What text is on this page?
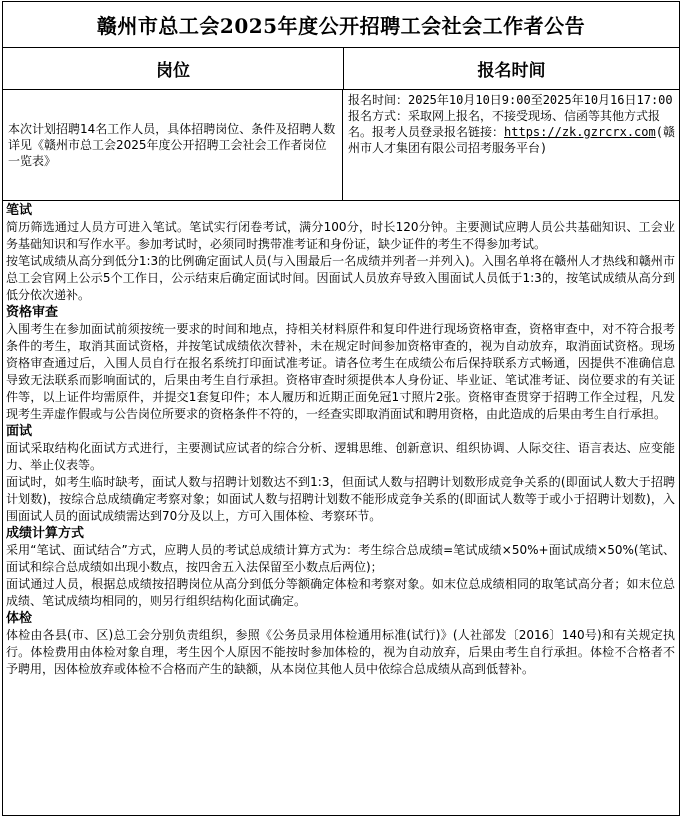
赣州市总工会2025年度公开招聘工会社会工作者公告
岗位	报名时间
本次计划招聘14名工作人员，具体招聘岗位、条件及招聘人数详见《赣州市总工会2025年度公开招聘工会社会工作者岗位一览表》
报名时间：2025年10月10日9:00至2025年10月16日17:00
报名方式：采取网上报名，不接受现场、信函等其他方式报名。报考人员登录报名链接：https://zk.gzrcrx.com(赣州市人才集团有限公司招考服务平台)
笔试

简历筛选通过人员方可进入笔试。笔试实行闭卷考试，满分100分，时长120分钟。主要测试应聘人员公共基础知识、工会业务基础知识和写作水平。参加考试时，必须同时携带准考证和身份证，缺少证件的考生不得参加考试。

按笔试成绩从高分到低分1:3的比例确定面试人员(与入围最后一名成绩并列者一并列入)。入围名单将在赣州人才热线和赣州市总工会官网上公示5个工作日，公示结束后确定面试时间。因面试人员放弃导致入围面试人员低于1:3的，按笔试成绩从高分到低分依次递补。

资格审查

入围考生在参加面试前须按统一要求的时间和地点，持相关材料原件和复印件进行现场资格审查，资格审查中，对不符合报考条件的考生，取消其面试资格，并按笔试成绩依次替补，未在规定时间参加资格审查的，视为自动放弃，取消面试资格。现场资格审查通过后，入围人员自行在报名系统打印面试准考证。请各位考生在成绩公布后保持联系方式畅通，因提供不准确信息导致无法联系而影响面试的，后果由考生自行承担。资格审查时须提供本人身份证、毕业证、笔试准考证、岗位要求的有关证件等，以上证件均需原件，并提交1套复印件；本人履历和近期正面免冠1寸照片2张。资格审查贯穿于招聘工作全过程，凡发现考生弄虚作假或与公告岗位所要求的资格条件不符的，一经查实即取消面试和聘用资格，由此造成的后果由考生自行承担。

面试

面试采取结构化面试方式进行，主要测试应试者的综合分析、逻辑思维、创新意识、组织协调、人际交往、语言表达、应变能力、举止仪表等。

面试时，如考生临时缺考，面试人数与招聘计划数达不到1:3，但面试人数与招聘计划数形成竞争关系的(即面试人数大于招聘计划数)，按综合总成绩确定考察对象；如面试人数与招聘计划数不能形成竞争关系的(即面试人数等于或小于招聘计划数)，入围面试人员的面试成绩需达到70分及以上，方可入围体检、考察环节。

成绩计算方式

采用“笔试、面试结合”方式，应聘人员的考试总成绩计算方式为：考生综合总成绩=笔试成绩×50%+面试成绩×50%(笔试、面试和综合总成绩如出现小数点，按四舍五入法保留至小数点后两位)；

面试通过人员，根据总成绩按招聘岗位从高分到低分等额确定体检和考察对象。如末位总成绩相同的取笔试高分者；如末位总成绩、笔试成绩均相同的，则另行组织结构化面试确定。

体检

体检由各县(市、区)总工会分别负责组织，参照《公务员录用体检通用标准(试行)》(人社部发〔2016〕140号)和有关规定执行。体检费用由体检对象自理，考生因个人原因不能按时参加体检的，视为自动放弃，后果由考生自行承担。体检不合格者不予聘用，因体检放弃或体检不合格而产生的缺额，从本岗位其他人员中依综合总成绩从高到低替补。
